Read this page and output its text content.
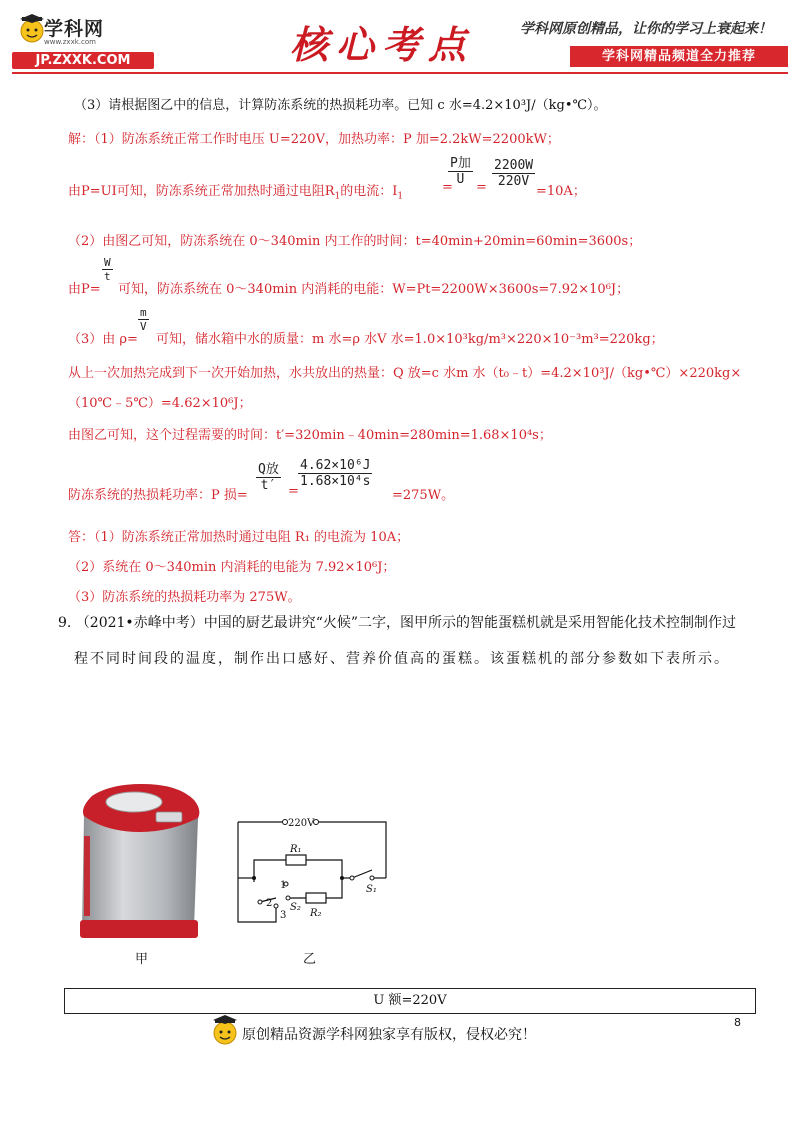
学科网
www.zxxk.com
JP.ZXXK.COM	核心考点	学科网原创精品，让你的学习上衰起来！
学科网精品频道全力推荐
（3）请根据图乙中的信息，计算防冻系统的热损耗功率。已知 c 水=4.2×10³J/（kg•℃）。
解：（1）防冻系统正常工作时电压 U=220V，加热功率：P 加=2.2kW=2200kW；
由P=UI可知，防冻系统正常加热时通过电阻$R_1$的电流：$I_1$
=
P加
U
= $\frac{2200W}{220V}$
=10A；
（2）由图乙可知，防冻系统在 0～340min 内工作的时间：t=40min+20min=60min=3600s；
由P=
$\frac{W}{t}$
可知，防冻系统在 0～340min 内消耗的电能：W=Pt=2200W×3600s=7.92×10⁶J；
（3）由 ρ=
$\frac{m}{V}$
可知，储水箱中水的质量：m 水=ρ 水V 水=1.0×10³kg/m³×220×10⁻³m³=220kg；
从上一次加热完成到下一次开始加热，水共放出的热量：Q 放=c 水m 水（t₀﹣t）=4.2×10³J/（kg•℃）×220kg×
（10℃﹣5℃）=4.62×10⁶J；
由图乙可知，这个过程需要的时间：t′=320min﹣40min=280min=1.68×10⁴s；
防冻系统的热损耗功率：P 损=
Q放
t′ =
$\frac{\text{4.62×10⁶J}}{\text{1.68×10⁴s}}$
=275W。
答：（1）防冻系统正常加热时通过电阻 R₁ 的电流为 10A；
（2）系统在 0～340min 内消耗的电能为 7.92×10⁶J；
（3）防冻系统的热损耗功率为 275W。
9. （2021•赤峰中考）中国的厨艺最讲究“火候”二字，图甲所示的智能蛋糕机就是采用智能化技术控制制作过
程不同时间段的温度，制作出口感好、营养价值高的蛋糕。该蛋糕机的部分参数如下表所示。
甲
220V
R₁
R₂
S₁
S₂
1
2
3
乙
U 额=220V
原创精品资源学科网独家享有版权，侵权必究！
8
